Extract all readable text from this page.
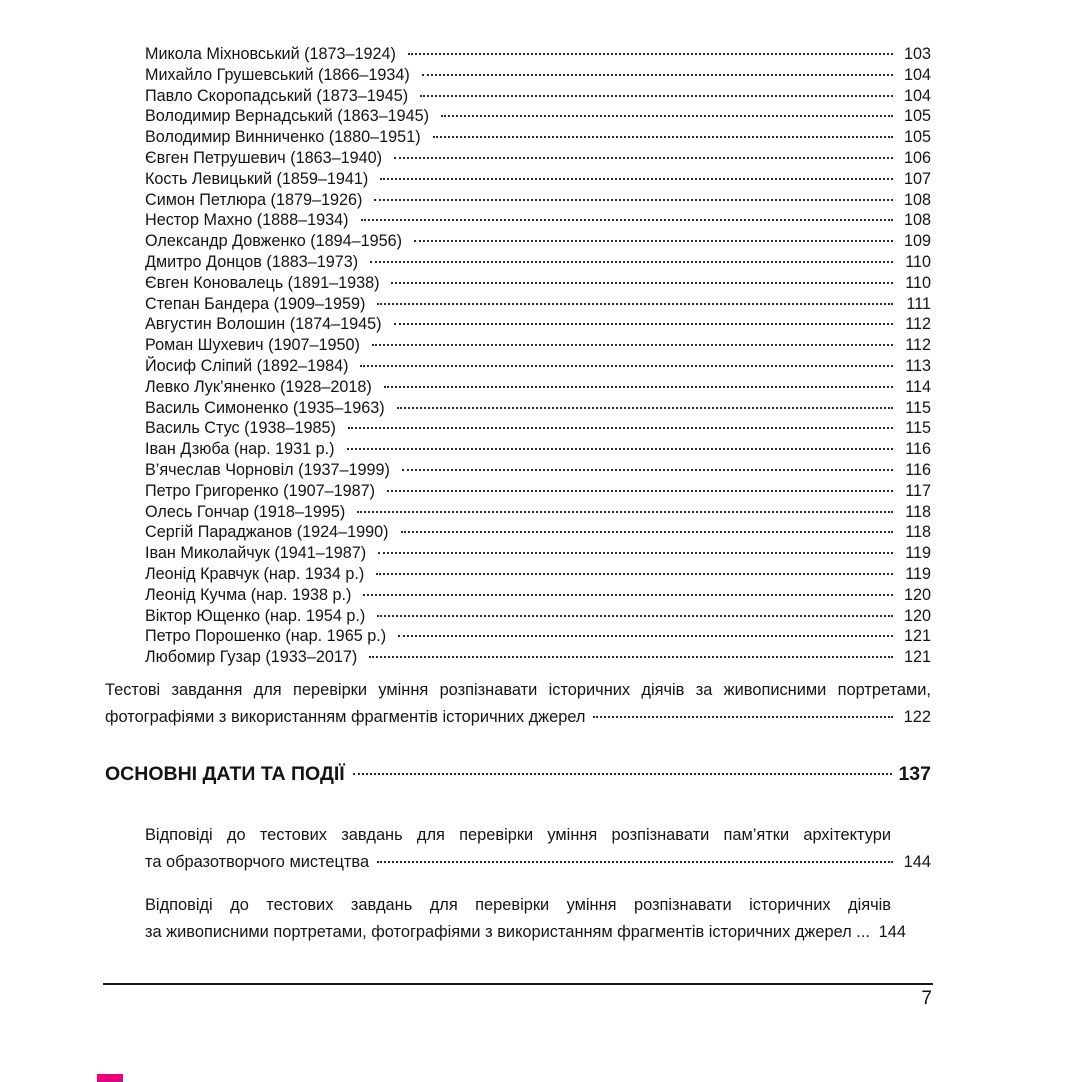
Микола Міхновський (1873–1924)	103
Михайло Грушевський (1866–1934)	104
Павло Скоропадський (1873–1945)	104
Володимир Вернадський (1863–1945)	105
Володимир Винниченко (1880–1951)	105
Євген Петрушевич (1863–1940)	106
Кость Левицький (1859–1941)	107
Симон Петлюра (1879–1926)	108
Нестор Махно (1888–1934)	108
Олександр Довженко (1894–1956)	109
Дмитро Донцов (1883–1973)	110
Євген Коновалець (1891–1938)	110
Степан Бандера (1909–1959)	111
Августин Волошин (1874–1945)	112
Роман Шухевич (1907–1950)	112
Йосиф Сліпий (1892–1984)	113
Левко Лук’яненко (1928–2018)	114
Василь Симоненко (1935–1963)	115
Василь Стус (1938–1985)	115
Іван Дзюба (нар. 1931 р.)	116
В’ячеслав Чорновіл (1937–1999)	116
Петро Григоренко (1907–1987)	117
Олесь Гончар (1918–1995)	118
Сергій Параджанов (1924–1990)	118
Іван Миколайчук (1941–1987)	119
Леонід Кравчук (нар. 1934 р.)	119
Леонід Кучма (нар. 1938 р.)	120
Віктор Ющенко (нар. 1954 р.)	120
Петро Порошенко (нар. 1965 р.)	121
Любомир Гузар (1933–2017)	121
Тестові завдання для перевірки уміння розпізнавати історичних діячів за живописними портретами,
фотографіями з використанням фрагментів історичних джерел	122
ОСНОВНІ ДАТИ ТА ПОДІЇ	137
Відповіді до тестових завдань для перевірки уміння розпізнавати пам’ятки архітектури
та образотворчого мистецтва	144
Відповіді до тестових завдань для перевірки уміння розпізнавати історичних діячів
за живописними портретами, фотографіями з використанням фрагментів історичних джерел ... 144
7
